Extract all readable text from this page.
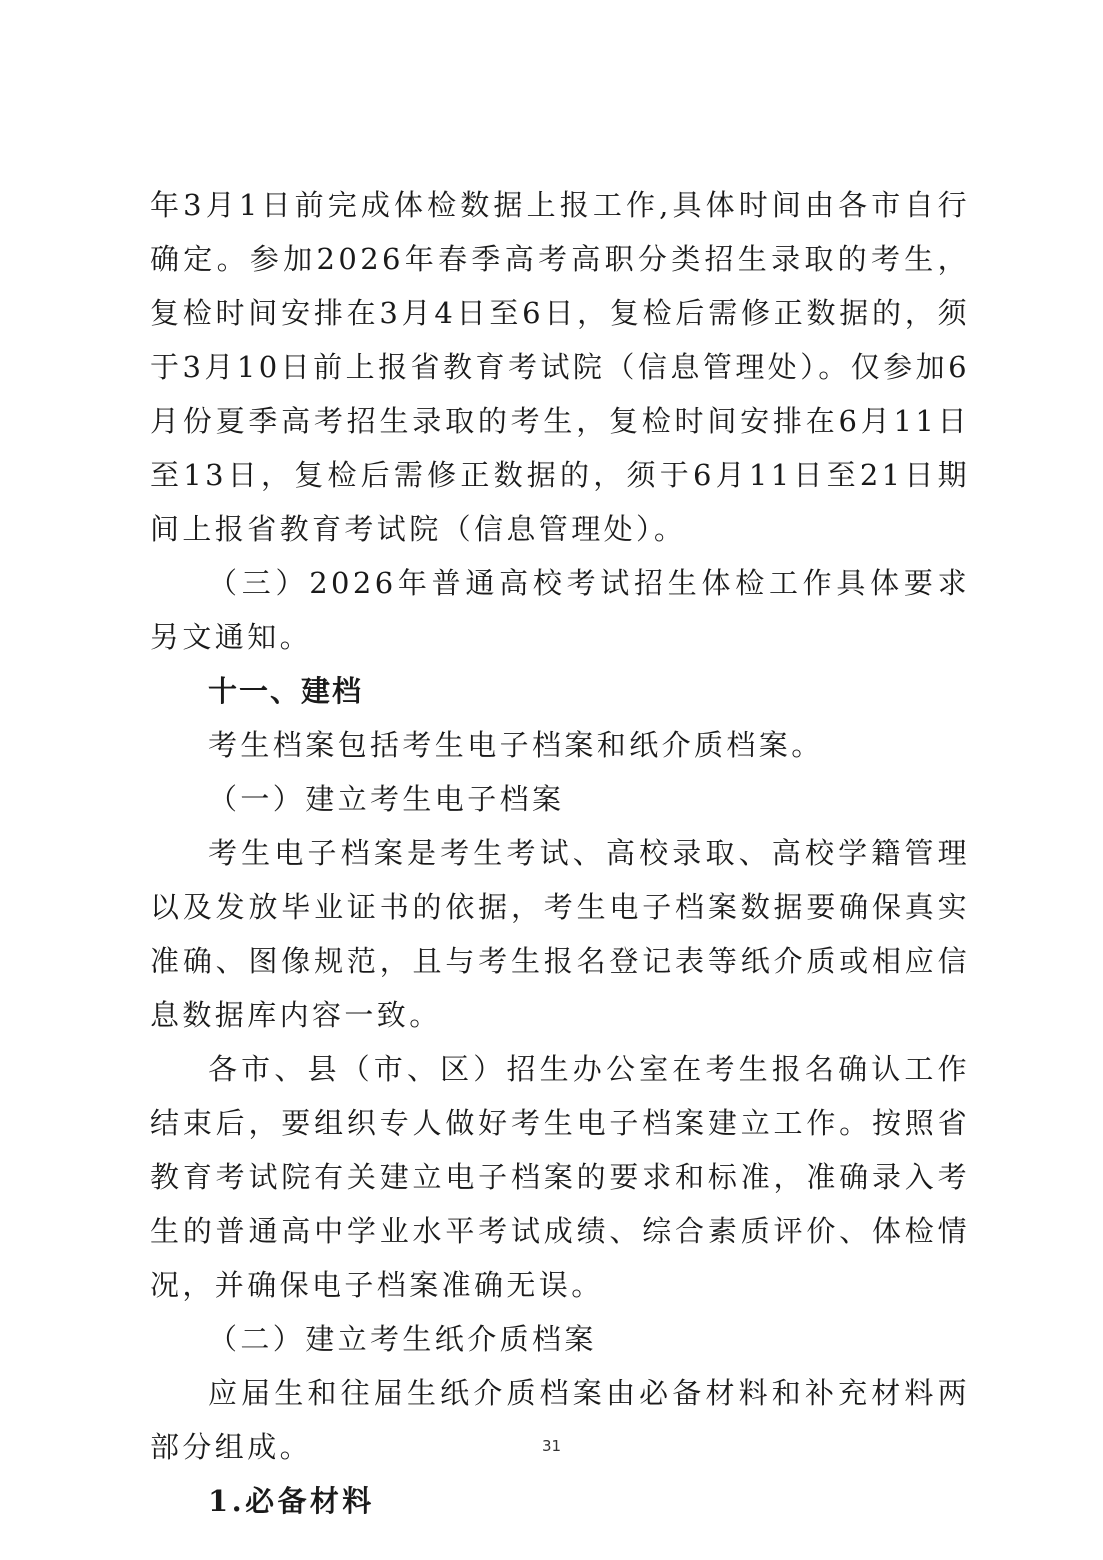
年3月1日前完成体检数据上报工作,具体时间由各市自行确定。参加2026年春季高考高职分类招生录取的考生，复检时间安排在3月4日至6日，复检后需修正数据的，须于3月10日前上报省教育考试院（信息管理处）。仅参加6月份夏季高考招生录取的考生，复检时间安排在6月11日至13日，复检后需修正数据的，须于6月11日至21日期间上报省教育考试院（信息管理处）。

（三）2026年普通高校考试招生体检工作具体要求另文通知。

十一、建档

考生档案包括考生电子档案和纸介质档案。

（一）建立考生电子档案

考生电子档案是考生考试、高校录取、高校学籍管理以及发放毕业证书的依据，考生电子档案数据要确保真实准确、图像规范，且与考生报名登记表等纸介质或相应信息数据库内容一致。

各市、县（市、区）招生办公室在考生报名确认工作结束后，要组织专人做好考生电子档案建立工作。按照省教育考试院有关建立电子档案的要求和标准，准确录入考生的普通高中学业水平考试成绩、综合素质评价、体检情况，并确保电子档案准确无误。

（二）建立考生纸介质档案

应届生和往届生纸介质档案由必备材料和补充材料两部分组成。

1.必备材料

31
